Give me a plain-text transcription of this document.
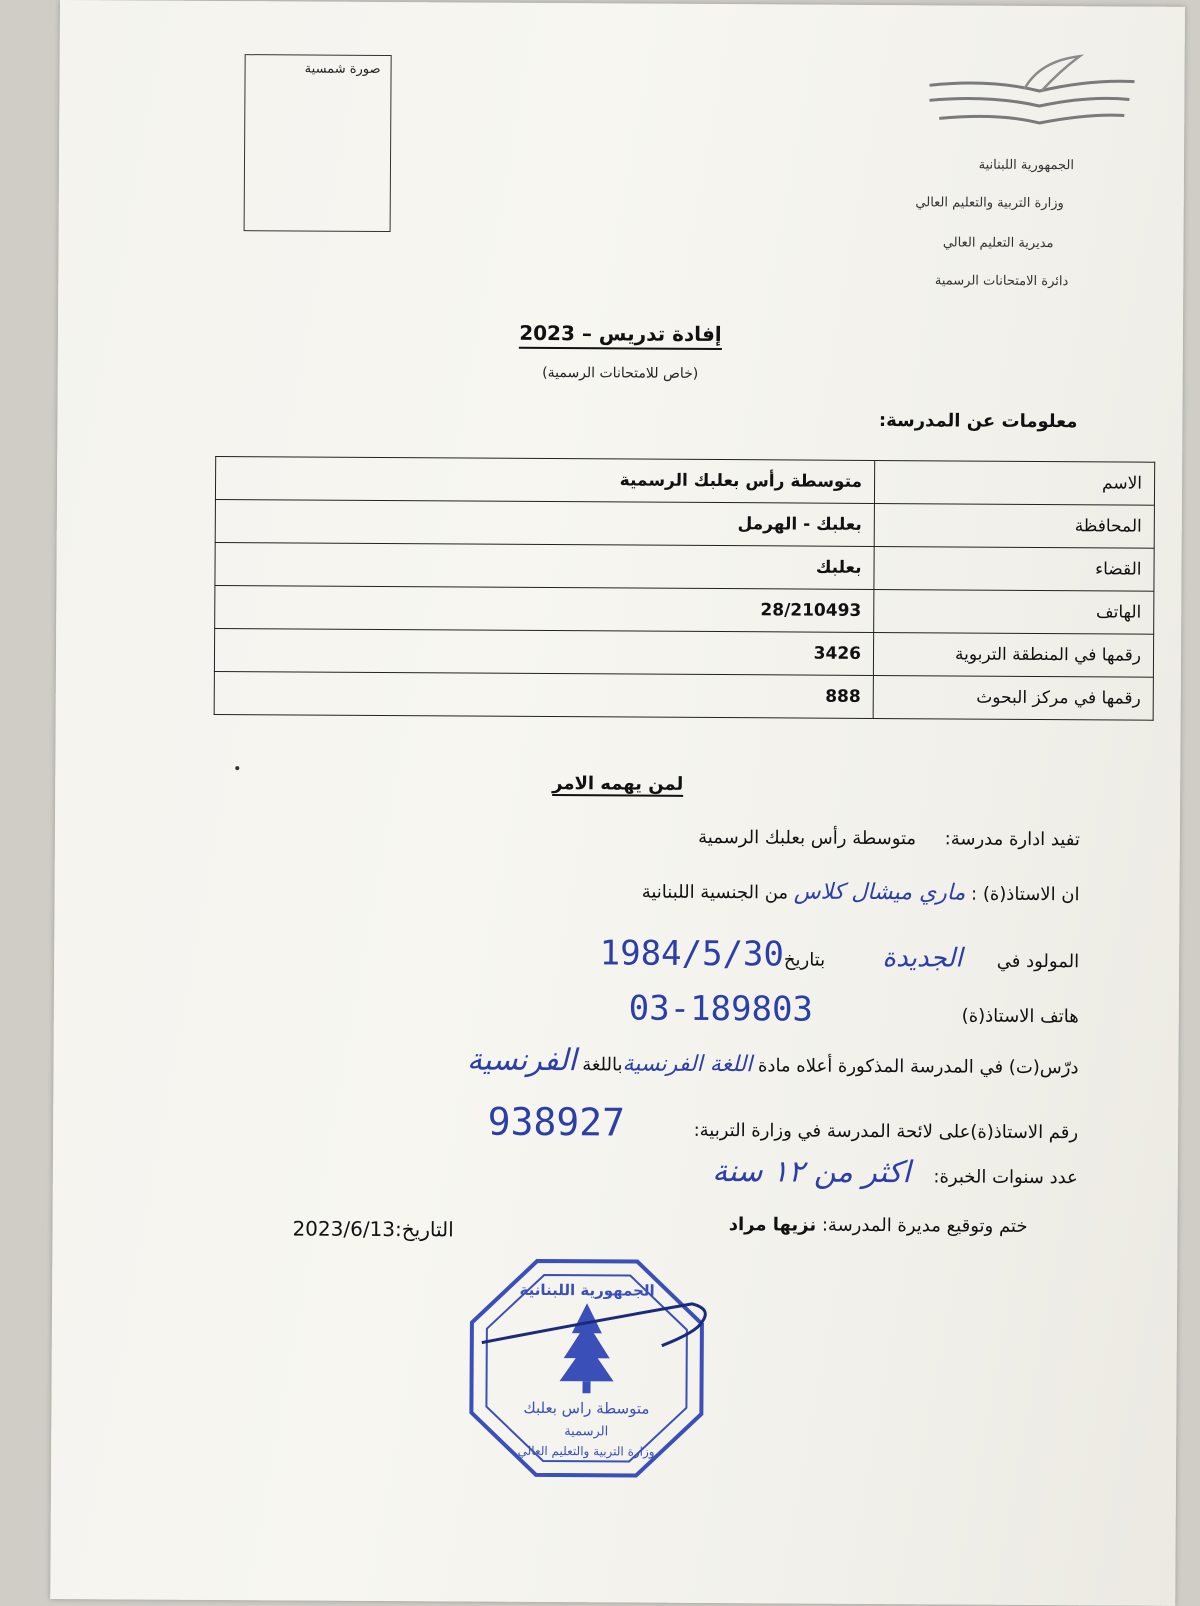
صورة شمسية
الجمهورية اللبنانية
وزارة التربية والتعليم العالي
مديرية التعليم العالي
دائرة الامتحانات الرسمية
إفادة تدريس – 2023
(خاص للامتحانات الرسمية)
معلومات عن المدرسة:
الاسم	متوسطة رأس بعلبك الرسمية
المحافظة	بعلبك - الهرمل
القضاء	بعلبك
الهاتف	28/210493
رقمها في المنطقة التربوية	3426
رقمها في مركز البحوث	888
لمن يهمه الامر
تفيد ادارة مدرسة:     متوسطة رأس بعلبك الرسمية
ان الاستاذ(ة) : ماري ميشال كلاس من الجنسية اللبنانية
المولود في      الجديدة          بتاريخ1984/5/30
هاتف الاستاذ(ة)                          03-189803
درّس(ت) في المدرسة المذكورة أعلاه مادة اللغة الفرنسيةباللغة الفرنسية
رقم الاستاذ(ة)على لائحة المدرسة في وزارة التربية:            938927
عدد سنوات الخبرة:    اكثر من ١٢ سنة
ختم وتوقيع مديرة المدرسة: نزيها مراد
التاريخ:2023/6/13
متوسطة راس بعلبك
الرسمية
الجمهورية اللبنانية
وزارة التربية والتعليم العالي
